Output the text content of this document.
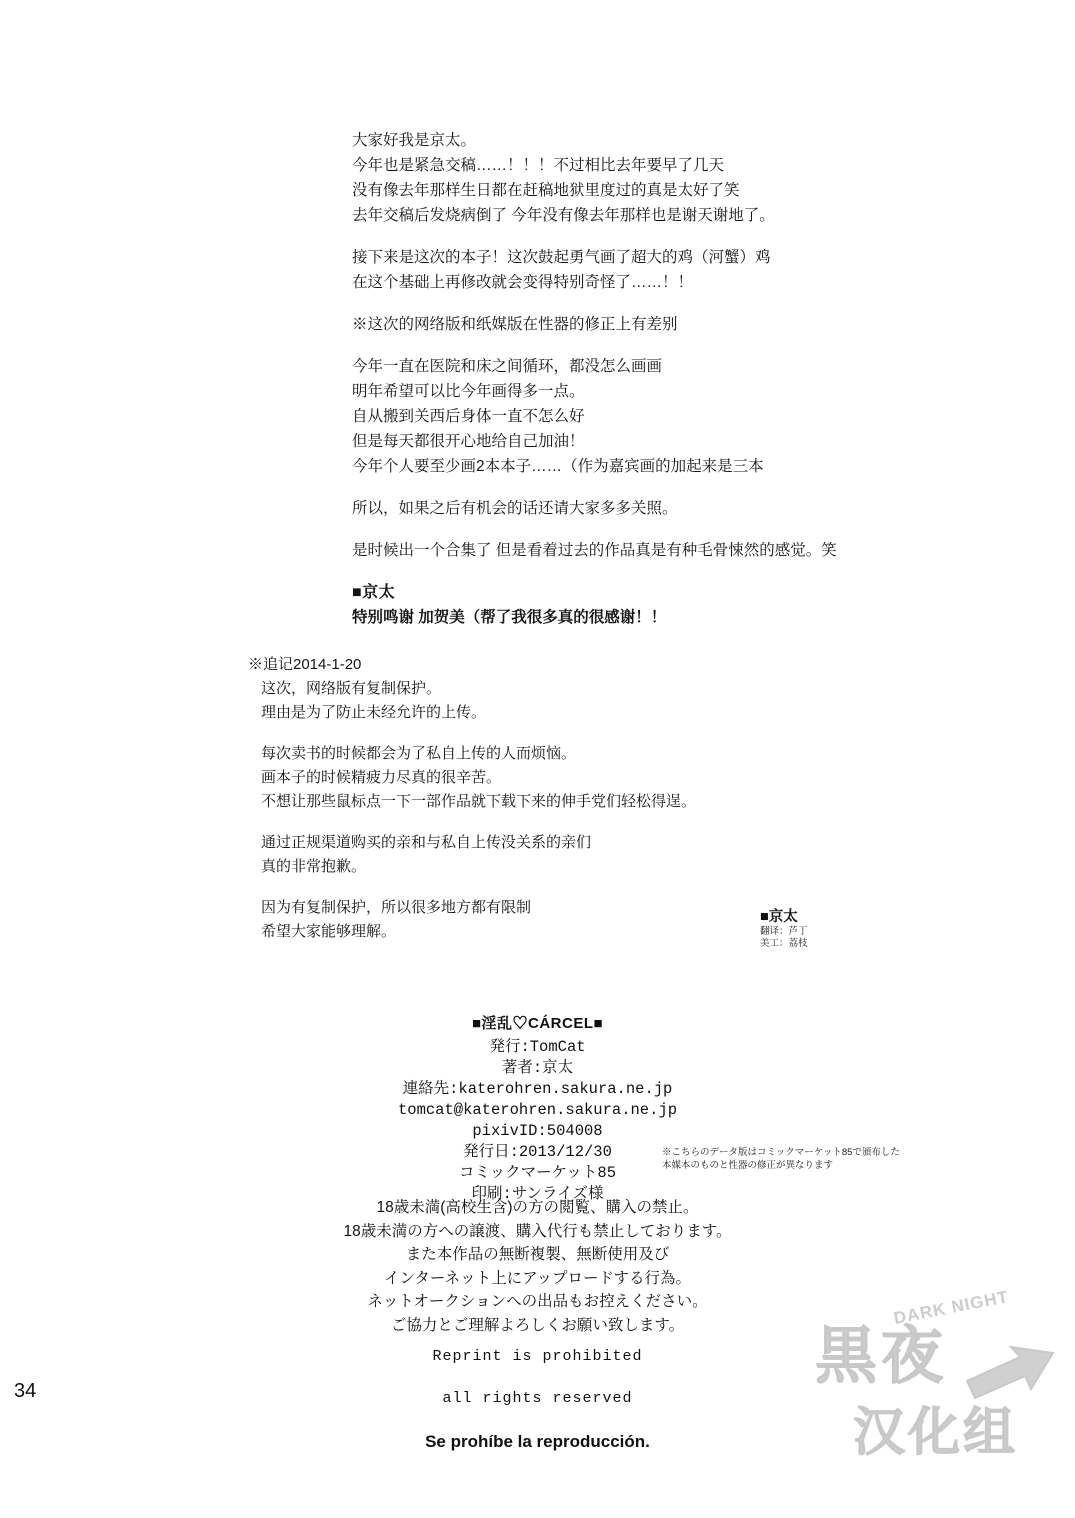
大家好我是京太。

今年也是紧急交稿……！！！不过相比去年要早了几天

没有像去年那样生日都在赶稿地狱里度过的真是太好了笑

去年交稿后发烧病倒了 今年没有像去年那样也是谢天谢地了。

接下来是这次的本子！这次鼓起勇气画了超大的鸡（河蟹）鸡

在这个基础上再修改就会变得特别奇怪了……！！

※这次的网络版和纸媒版在性器的修正上有差别

今年一直在医院和床之间循环，都没怎么画画

明年希望可以比今年画得多一点。

自从搬到关西后身体一直不怎么好

但是每天都很开心地给自己加油！

今年个人要至少画2本本子……（作为嘉宾画的加起来是三本

所以，如果之后有机会的话还请大家多多关照。

是时候出一个合集了 但是看着过去的作品真是有种毛骨悚然的感觉。笑

■京太

特别鸣谢 加贺美（帮了我很多真的很感谢！！

※追记2014-1-20

这次，网络版有复制保护。

理由是为了防止未经允许的上传。

每次卖书的时候都会为了私自上传的人而烦恼。

画本子的时候精疲力尽真的很辛苦。

不想让那些鼠标点一下一部作品就下载下来的伸手党们轻松得逞。

通过正规渠道购买的亲和与私自上传没关系的亲们

真的非常抱歉。

因为有复制保护，所以很多地方都有限制

希望大家能够理解。

■京太
翻译：芦丁
美工：荔枝
■淫乱♡CÁRCEL■
発行:TomCat
著者:京太
連絡先:katerohren.sakura.ne.jp
tomcat@katerohren.sakura.ne.jp
pixivID:504008
発行日:2013/12/30
コミックマーケット85
印刷:サンライズ様
※こちらのデータ版はコミックマーケット85で頒布した
本媒本のものと性器の修正が異なります
18歳未満(高校生含)の方の閲覧、購入の禁止。
18歳未満の方への譲渡、購入代行も禁止しております。
また本作品の無断複製、無断使用及び
インターネット上にアップロードする行為。
ネットオークションへの出品もお控えください。
ご協力とご理解よろしくお願い致します。
Reprint is prohibited
all rights reserved
Se prohíbe la reproducción.
34	黒夜
汉化组
DARK NIGHT
